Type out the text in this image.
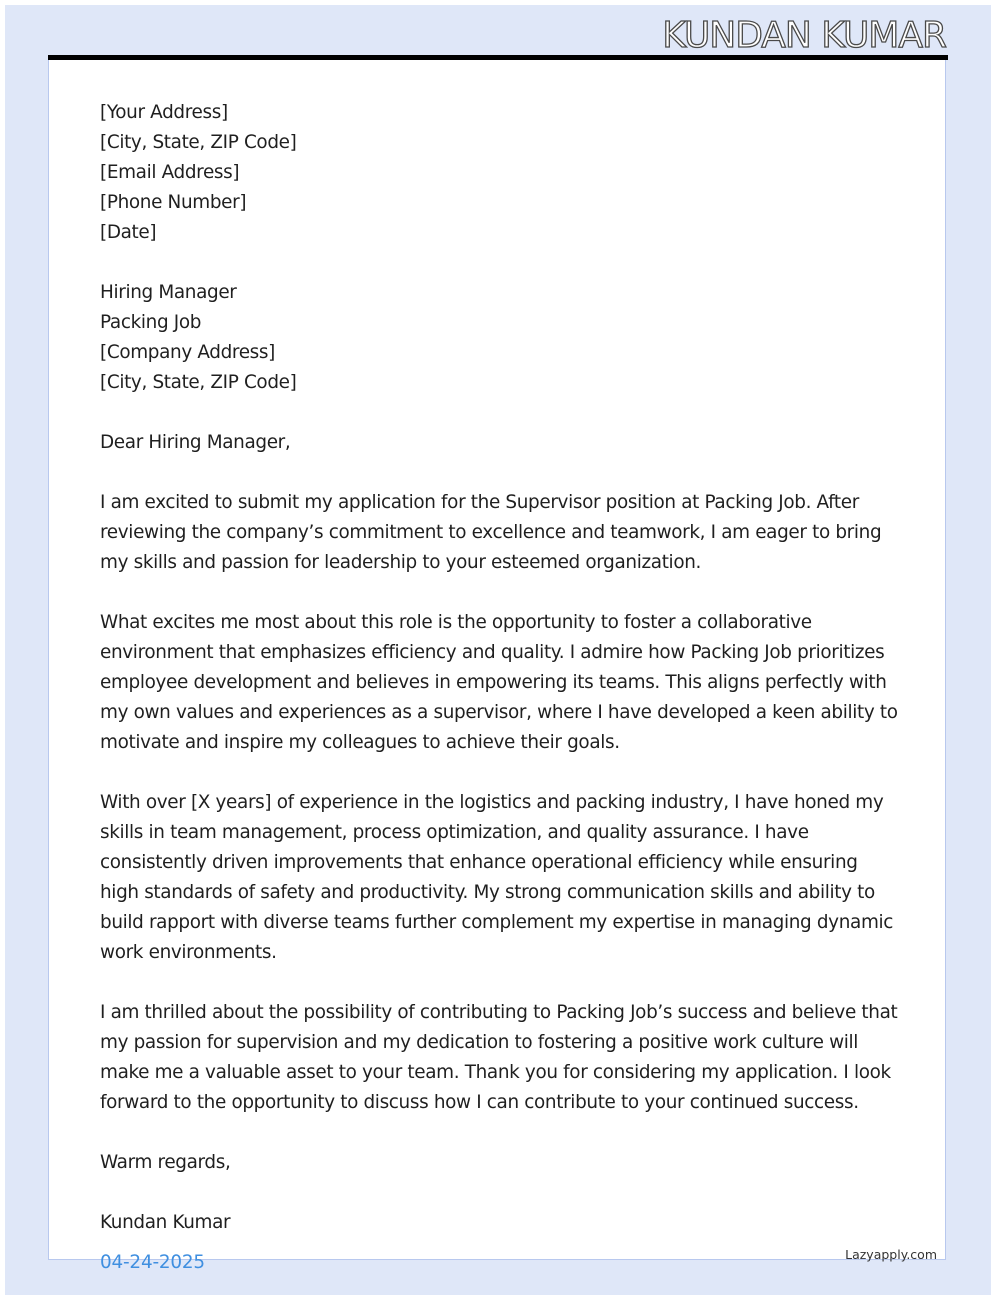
KUNDAN KUMAR
[Your Address]
[City, State, ZIP Code]
[Email Address]
[Phone Number]
[Date]
Hiring Manager
Packing Job
[Company Address]
[City, State, ZIP Code]
Dear Hiring Manager,

I am excited to submit my application for the Supervisor position at Packing Job. After
reviewing the company’s commitment to excellence and teamwork, I am eager to bring
my skills and passion for leadership to your esteemed organization.

What excites me most about this role is the opportunity to foster a collaborative
environment that emphasizes efficiency and quality. I admire how Packing Job prioritizes
employee development and believes in empowering its teams. This aligns perfectly with
my own values and experiences as a supervisor, where I have developed a keen ability to
motivate and inspire my colleagues to achieve their goals.

With over [X years] of experience in the logistics and packing industry, I have honed my
skills in team management, process optimization, and quality assurance. I have
consistently driven improvements that enhance operational efficiency while ensuring
high standards of safety and productivity. My strong communication skills and ability to
build rapport with diverse teams further complement my expertise in managing dynamic
work environments.

I am thrilled about the possibility of contributing to Packing Job’s success and believe that
my passion for supervision and my dedication to fostering a positive work culture will
make me a valuable asset to your team. Thank you for considering my application. I look
forward to the opportunity to discuss how I can contribute to your continued success.

Warm regards,
Kundan Kumar
04-24-2025	Lazyapply.com
